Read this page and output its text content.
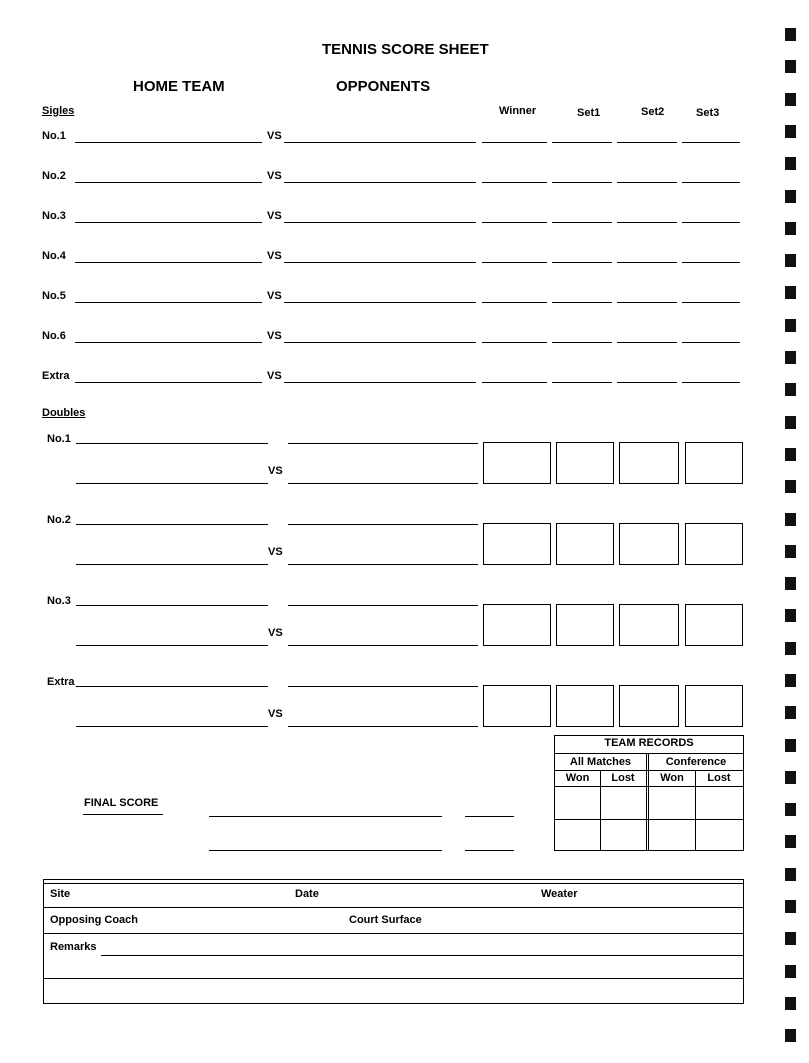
TENNIS SCORE SHEET
HOME TEAM	OPPONENTS
Sigles	Winner	Set1	Set2	Set3
No.1	VS
No.2	VS
No.3	VS
No.4	VS
No.5	VS
No.6	VS
Extra	VS
Doubles
No.1
VS
No.2
VS
No.3
VS
Extra
VS
TEAM RECORDS
All Matches	Conference
Won	Lost	Won	Lost
FINAL SCORE
Site	Date	Weater
Opposing Coach	Court Surface
Remarks
